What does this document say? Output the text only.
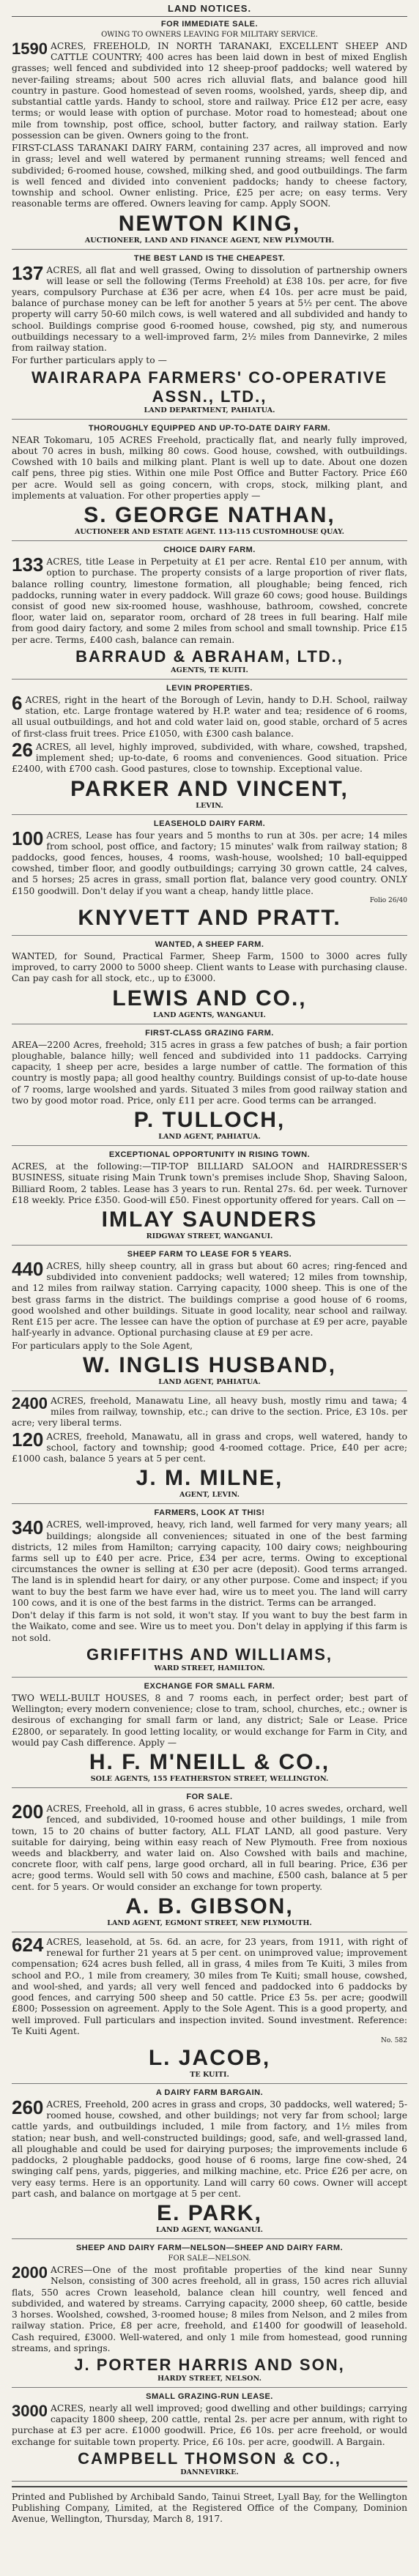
LAND NOTICES.

FOR IMMEDIATE SALE.

OWING TO OWNERS LEAVING FOR MILITARY SERVICE.

1590 ACRES, FREEHOLD, IN NORTH TARANAKI, EXCELLENT SHEEP AND CATTLE COUNTRY; 400 acres has been laid down in best of mixed English grasses; well fenced and subdivided into 12 sheep-proof paddocks; well watered by never-failing streams; about 500 acres rich alluvial flats, and balance good hill country in pasture. Good homestead of seven rooms, woolshed, yards, sheep dip, and substantial cattle yards. Handy to school, store and railway. Price £12 per acre, easy terms; or would lease with option of purchase. Motor road to homestead; about one mile from township, post office, school, butter factory, and railway station. Early possession can be given. Owners going to the front.

FIRST-CLASS TARANAKI DAIRY FARM, containing 237 acres, all improved and now in grass; level and well watered by permanent running streams; well fenced and subdivided; 6-roomed house, cowshed, milking shed, and good outbuildings. The farm is well fenced and divided into convenient paddocks; handy to cheese factory, township and school. Owner enlisting. Price, £25 per acre; on easy terms. Very reasonable terms are offered. Owners leaving for camp. Apply SOON.

NEWTON KING,

AUCTIONEER, LAND AND FINANCE AGENT, NEW PLYMOUTH.

THE BEST LAND IS THE CHEAPEST.

137 ACRES, all flat and well grassed, Owing to dissolution of partnership owners will lease or sell the following (Terms Freehold) at £38 10s. per acre, for five years, compulsory Purchase at £36 per acre, when £4 10s. per acre must be paid, balance of purchase money can be left for another 5 years at 5½ per cent. The above property will carry 50-60 milch cows, is well watered and all subdivided and handy to school. Buildings comprise good 6-roomed house, cowshed, pig sty, and numerous outbuildings necessary to a well-improved farm, 2½ miles from Dannevirke, 2 miles from railway station.

For further particulars apply to —

WAIRARAPA FARMERS' CO-OPERATIVE ASSN., LTD.,

LAND DEPARTMENT, PAHIATUA.

THOROUGHLY EQUIPPED AND UP-TO-DATE DAIRY FARM.

NEAR Tokomaru, 105 ACRES Freehold, practically flat, and nearly fully improved, about 70 acres in bush, milking 80 cows. Good house, cowshed, with outbuildings. Cowshed with 10 bails and milking plant. Plant is well up to date. About one dozen calf pens, three pig sties. Within one mile Post Office and Butter Factory. Price £60 per acre. Would sell as going concern, with crops, stock, milking plant, and implements at valuation. For other properties apply —

S. GEORGE NATHAN,

AUCTIONEER AND ESTATE AGENT. 113-115 CUSTOMHOUSE QUAY.

CHOICE DAIRY FARM.

133 ACRES, title Lease in Perpetuity at £1 per acre. Rental £10 per annum, with option to purchase. The property consists of a large proportion of river flats, balance rolling country, limestone formation, all ploughable; being fenced, rich paddocks, running water in every paddock. Will graze 60 cows; good house. Buildings consist of good new six-roomed house, washhouse, bathroom, cowshed, concrete floor, water laid on, separator room, orchard of 28 trees in full bearing. Half mile from good dairy factory, and some 2 miles from school and small township. Price £15 per acre. Terms, £400 cash, balance can remain.

BARRAUD & ABRAHAM, LTD.,

AGENTS, TE KUITI.

LEVIN PROPERTIES.

6 ACRES, right in the heart of the Borough of Levin, handy to D.H. School, railway station, etc. Large frontage watered by H.P. water and tea; residence of 6 rooms, all usual outbuildings, and hot and cold water laid on, good stable, orchard of 5 acres of first-class fruit trees. Price £1050, with £300 cash balance.

26 ACRES, all level, highly improved, subdivided, with whare, cowshed, trapshed, implement shed; up-to-date, 6 rooms and conveniences. Good situation. Price £2400, with £700 cash. Good pastures, close to township. Exceptional value.

PARKER AND VINCENT,

LEVIN.

LEASEHOLD DAIRY FARM.

100 ACRES, Lease has four years and 5 months to run at 30s. per acre; 14 miles from school, post office, and factory; 15 minutes' walk from railway station; 8 paddocks, good fences, houses, 4 rooms, wash-house, woolshed; 10 ball-equipped cowshed, timber floor, and goodly outbuildings; carrying 30 grown cattle, 24 calves, and 5 horses; 25 acres in grass, small portion flat, balance very good country. ONLY £150 goodwill. Don't delay if you want a cheap, handy little place.

Folio 26/40

KNYVETT AND PRATT.

WANTED, A SHEEP FARM.

WANTED, for Sound, Practical Farmer, Sheep Farm, 1500 to 3000 acres fully improved, to carry 2000 to 5000 sheep. Client wants to Lease with purchasing clause. Can pay cash for all stock, etc., up to £3000.

LEWIS AND CO.,

LAND AGENTS, WANGANUI.

FIRST-CLASS GRAZING FARM.

AREA—2200 Acres, freehold; 315 acres in grass a few patches of bush; a fair portion ploughable, balance hilly; well fenced and subdivided into 11 paddocks. Carrying capacity, 1 sheep per acre, besides a large number of cattle. The formation of this country is mostly papa; all good healthy country. Buildings consist of up-to-date house of 7 rooms, large woolshed and yards. Situated 3 miles from good railway station and two by good motor road. Price, only £11 per acre. Good terms can be arranged.

P. TULLOCH,

LAND AGENT, PAHIATUA.

EXCEPTIONAL OPPORTUNITY IN RISING TOWN.

ACRES, at the following:—TIP-TOP BILLIARD SALOON and HAIRDRESSER'S BUSINESS, situate rising Main Trunk town's premises include Shop, Shaving Saloon, Billiard Room, 2 tables. Lease has 3 years to run. Rental 27s. 6d. per week. Turnover £18 weekly. Price £350. Good-will £50. Finest opportunity offered for years. Call on —

IMLAY SAUNDERS

RIDGWAY STREET, WANGANUI.

SHEEP FARM TO LEASE FOR 5 YEARS.

440 ACRES, hilly sheep country, all in grass but about 60 acres; ring-fenced and subdivided into convenient paddocks; well watered; 12 miles from township, and 12 miles from railway station. Carrying capacity, 1000 sheep. This is one of the best grass farms in the district. The buildings comprise a good house of 6 rooms, good woolshed and other buildings. Situate in good locality, near school and railway. Rent £15 per acre. The lessee can have the option of purchase at £9 per acre, payable half-yearly in advance. Optional purchasing clause at £9 per acre.

For particulars apply to the Sole Agent,

W. INGLIS HUSBAND,

LAND AGENT, PAHIATUA.

2400 ACRES, freehold, Manawatu Line, all heavy bush, mostly rimu and tawa; 4 miles from railway, township, etc.; can drive to the section. Price, £3 10s. per acre; very liberal terms.

120 ACRES, freehold, Manawatu, all in grass and crops, well watered, handy to school, factory and township; good 4-roomed cottage. Price, £40 per acre; £1000 cash, balance 5 years at 5 per cent.

J. M. MILNE,

AGENT, LEVIN.

FARMERS, LOOK AT THIS!

340 ACRES, well-improved, heavy, rich land, well farmed for very many years; all buildings; alongside all conveniences; situated in one of the best farming districts, 12 miles from Hamilton; carrying capacity, 100 dairy cows; neighbouring farms sell up to £40 per acre. Price, £34 per acre, terms. Owing to exceptional circumstances the owner is selling at £30 per acre (deposit). Good terms arranged. The land is in splendid heart for dairy, or any other purpose. Come and inspect; if you want to buy the best farm we have ever had, wire us to meet you. The land will carry 100 cows, and it is one of the best farms in the district. Terms can be arranged.

Don't delay if this farm is not sold, it won't stay. If you want to buy the best farm in the Waikato, come and see. Wire us to meet you. Don't delay in applying if this farm is not sold.

GRIFFITHS AND WILLIAMS,

WARD STREET, HAMILTON.

EXCHANGE FOR SMALL FARM.

TWO WELL-BUILT HOUSES, 8 and 7 rooms each, in perfect order; best part of Wellington; every modern convenience; close to tram, school, churches, etc.; owner is desirous of exchanging for small farm or land, any district; Sale or Lease. Price £2800, or separately. In good letting locality, or would exchange for Farm in City, and would pay Cash difference. Apply —

H. F. M'NEILL & CO.,

SOLE AGENTS, 155 FEATHERSTON STREET, WELLINGTON.

FOR SALE.

200 ACRES, Freehold, all in grass, 6 acres stubble, 10 acres swedes, orchard, well fenced, and subdivided, 10-roomed house and other buildings, 1 mile from town, 15 to 20 chains of butter factory, ALL FLAT LAND, all good pasture. Very suitable for dairying, being within easy reach of New Plymouth. Free from noxious weeds and blackberry, and water laid on. Also Cowshed with bails and machine, concrete floor, with calf pens, large good orchard, all in full bearing. Price, £36 per acre; good terms. Would sell with 50 cows and machine, £500 cash, balance at 5 per cent. for 5 years. Or would consider an exchange for town property.

A. B. GIBSON,

LAND AGENT, EGMONT STREET, NEW PLYMOUTH.

624 ACRES, leasehold, at 5s. 6d. an acre, for 23 years, from 1911, with right of renewal for further 21 years at 5 per cent. on unimproved value; improvement compensation; 624 acres bush felled, all in grass, 4 miles from Te Kuiti, 3 miles from school and P.O., 1 mile from creamery, 30 miles from Te Kuiti; small house, cowshed, and wool-shed, and yards; all very well fenced and paddocked into 6 paddocks by good fences, and carrying 500 sheep and 50 cattle. Price £3 5s. per acre; goodwill £800; Possession on agreement. Apply to the Sole Agent. This is a good property, and well improved. Full particulars and inspection invited. Sound investment. Reference: Te Kuiti Agent.

No. 582

L. JACOB,

TE KUITI.

A DAIRY FARM BARGAIN.

260 ACRES, Freehold, 200 acres in grass and crops, 30 paddocks, well watered; 5-roomed house, cowshed, and other buildings; not very far from school; large cattle yards, and outbuildings included, 1 mile from factory, and 1½ miles from station; near bush, and well-constructed buildings; good, safe, and well-grassed land, all ploughable and could be used for dairying purposes; the improvements include 6 paddocks, 2 ploughable paddocks, good house of 6 rooms, large fine cow-shed, 24 swinging calf pens, yards, piggeries, and milking machine, etc. Price £26 per acre, on very easy terms. Here is an opportunity. Land will carry 60 cows. Owner will accept part cash, and balance on mortgage at 5 per cent.

E. PARK,

LAND AGENT, WANGANUI.

SHEEP AND DAIRY FARM—NELSON—SHEEP AND DAIRY FARM.

FOR SALE—NELSON.

2000 ACRES—One of the most profitable properties of the kind near Sunny Nelson, consisting of 300 acres freehold, all in grass, 150 acres rich alluvial flats, 550 acres Crown leasehold, balance clean hill country, well fenced and subdivided, and watered by streams. Carrying capacity, 2000 sheep, 60 cattle, beside 3 horses. Woolshed, cowshed, 3-roomed house; 8 miles from Nelson, and 2 miles from railway station. Price, £8 per acre, freehold, and £1400 for goodwill of leasehold. Cash required, £3000. Well-watered, and only 1 mile from homestead, good running streams, and springs.

J. PORTER HARRIS AND SON,

HARDY STREET, NELSON.

SMALL GRAZING-RUN LEASE.

3000 ACRES, nearly all well improved; good dwelling and other buildings; carrying capacity 1800 sheep, 200 cattle, rental 2s. per acre per annum, with right to purchase at £3 per acre. £1000 goodwill. Price, £6 10s. per acre freehold, or would exchange for suitable town property. Price, £6 10s. per acre, goodwill. A Bargain.

CAMPBELL THOMSON & CO.,

DANNEVIRKE.

Printed and Published by Archibald Sando, Tainui Street, Lyall Bay, for the Wellington Publishing Company, Limited, at the Registered Office of the Company, Dominion Avenue, Wellington, Thursday, March 8, 1917.
